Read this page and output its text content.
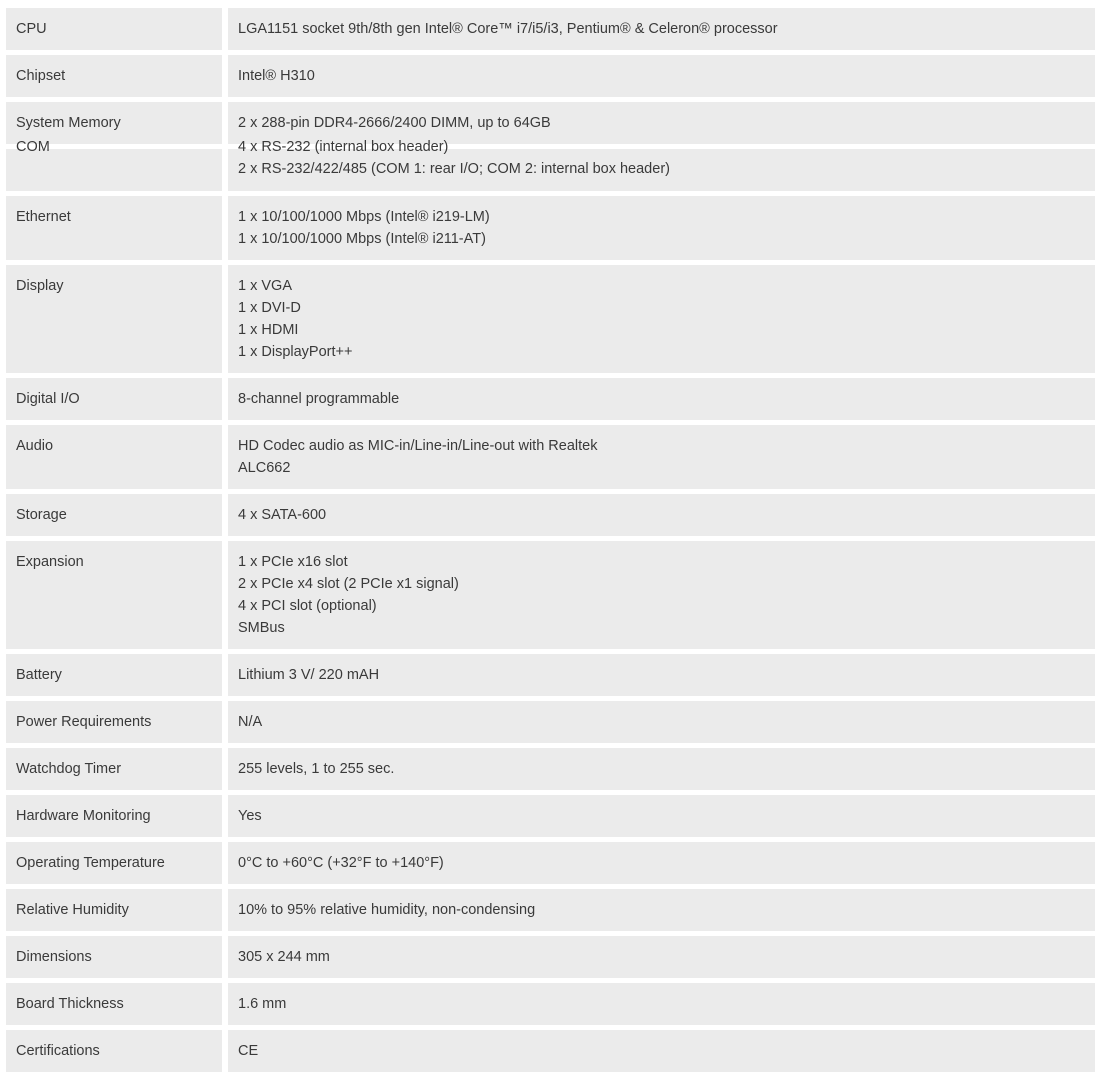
CPU	LGA1151 socket 9th/8th gen Intel® Core™ i7/i5/i3, Pentium® & Celeron® processor
Chipset	Intel® H310
System Memory	2 x 288-pin DDR4-2666/2400 DIMM, up to 64GB
COM	4 x RS-232 (internal box header)
2 x RS-232/422/485 (COM 1: rear I/O; COM 2: internal box header)
Ethernet	1 x 10/100/1000 Mbps (Intel® i219-LM)
1 x 10/100/1000 Mbps (Intel® i211-AT)
Display	1 x VGA
1 x DVI-D
1 x HDMI
1 x DisplayPort++
Digital I/O	8-channel programmable
Audio	HD Codec audio as MIC-in/Line-in/Line-out with Realtek
ALC662
Storage	4 x SATA-600
Expansion	1 x PCIe x16 slot
2 x PCIe x4 slot (2 PCIe x1 signal)
4 x PCI slot (optional)
SMBus
Battery	Lithium 3 V/ 220 mAH
Power Requirements	N/A
Watchdog Timer	255 levels, 1 to 255 sec.
Hardware Monitoring	Yes
Operating Temperature	0°C to +60°C (+32°F to +140°F)
Relative Humidity	10% to 95% relative humidity, non-condensing
Dimensions	305 x 244 mm
Board Thickness	1.6 mm
Certifications	CE
